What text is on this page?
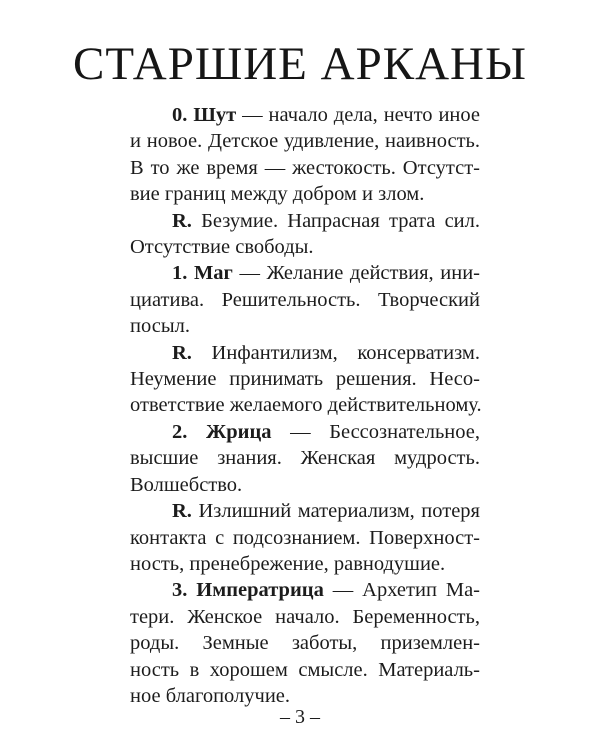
СТАРШИЕ АРКАНЫ
0. Шут — начало дела, нечто иное
и новое. Детское удивление, наивность.
В то же время — жестокость. Отсутст-
вие границ между добром и злом.
R. Безумие. Напрасная трата сил.
Отсутствие свободы.
1. Маг — Желание действия, ини-
циатива. Решительность. Творческий
посыл.
R. Инфантилизм, консерватизм.
Неумение принимать решения. Несо-
ответствие желаемого действительному.
2. Жрица — Бессознательное,
высшие знания. Женская мудрость.
Волшебство.
R. Излишний материализм, потеря
контакта с подсознанием. Поверхност-
ность, пренебрежение, равнодушие.
3. Императрица — Архетип Ма-
тери. Женское начало. Беременность,
роды. Земные заботы, приземлен-
ность в хорошем смысле. Материаль-
ное благополучие.
– 3 –
